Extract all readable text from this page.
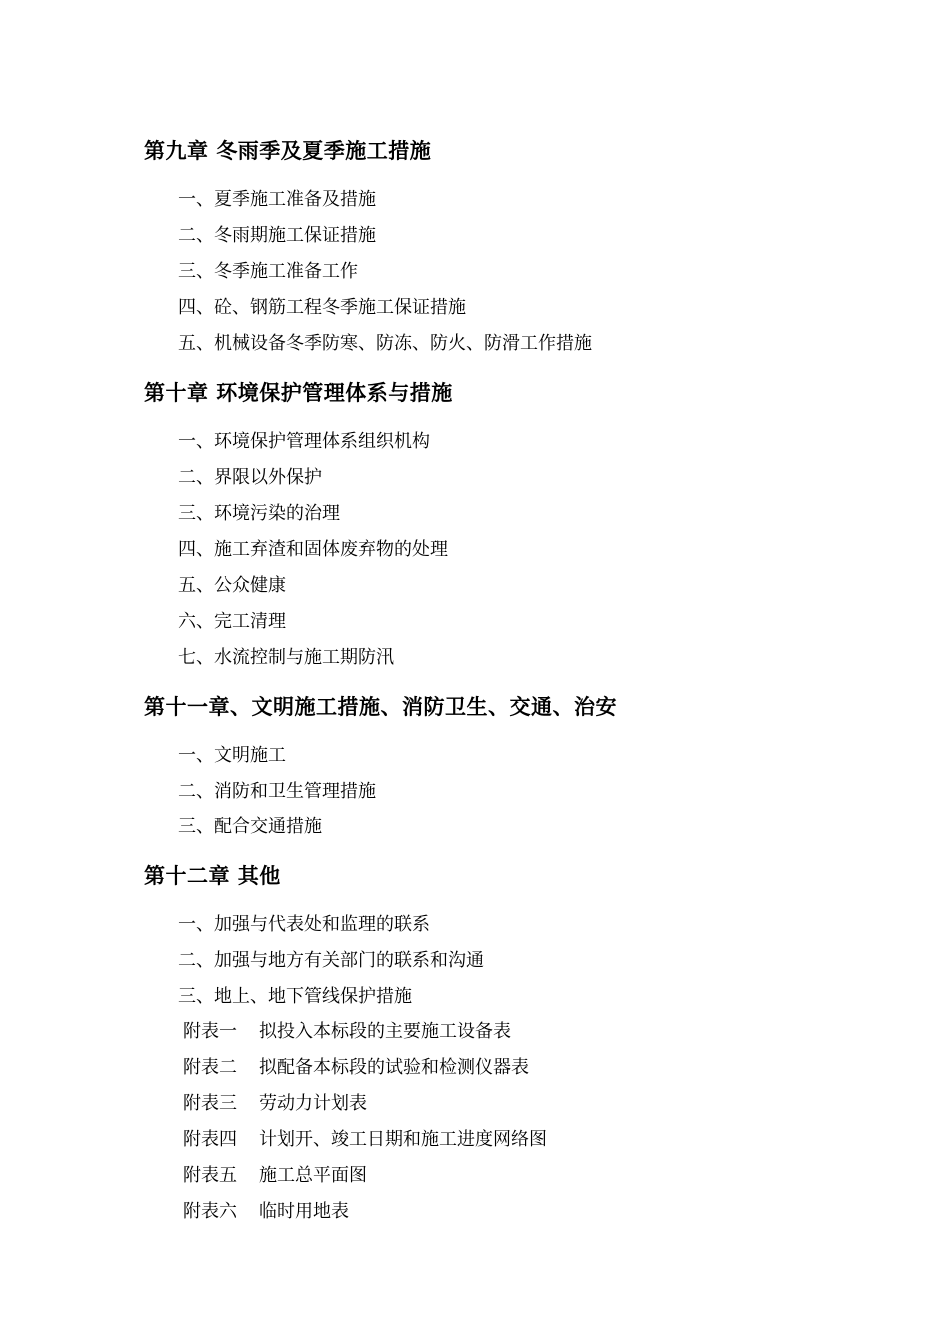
第九章 冬雨季及夏季施工措施
一、夏季施工准备及措施
二、冬雨期施工保证措施
三、冬季施工准备工作
四、砼、钢筋工程冬季施工保证措施
五、机械设备冬季防寒、防冻、防火、防滑工作措施
第十章 环境保护管理体系与措施
一、环境保护管理体系组织机构
二、界限以外保护
三、环境污染的治理
四、施工弃渣和固体废弃物的处理
五、公众健康
六、完工清理
七、水流控制与施工期防汛
第十一章、文明施工措施、消防卫生、交通、治安
一、文明施工
二、消防和卫生管理措施
三、配合交通措施
第十二章 其他
一、加强与代表处和监理的联系
二、加强与地方有关部门的联系和沟通
三、地上、地下管线保护措施
附表一 拟投入本标段的主要施工设备表
附表二 拟配备本标段的试验和检测仪器表
附表三 劳动力计划表
附表四 计划开、竣工日期和施工进度网络图
附表五 施工总平面图
附表六 临时用地表
